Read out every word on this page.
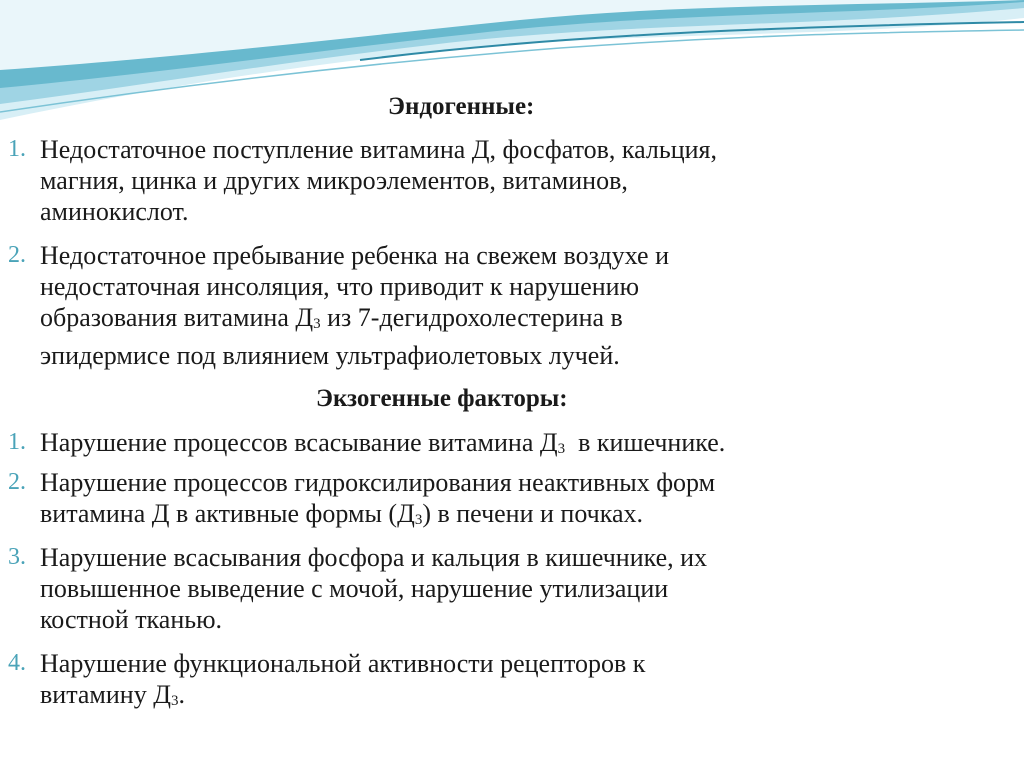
Эндогенные:
1. Недостаточное поступление витамина Д, фосфатов, кальция,
магния, цинка и других микроэлементов, витаминов,
аминокислот.

2. Недостаточное пребывание ребенка на свежем воздухе и
недостаточная инсоляция, что приводит к нарушению
образования витамина $Д_3$ из 7-дегидрохолестерина в
эпидермисе под влиянием ультрафиолетовых лучей.

Экзогенные факторы:
1. Нарушение процессов всасывание витамина $Д_3$  в кишечнике.

2. Нарушение процессов гидроксилирования неактивных форм
витамина Д в активные формы $(Д_3)$ в печени и почках.

3. Нарушение всасывания фосфора и кальция в кишечнике, их
повышенное выведение с мочой, нарушение утилизации
костной тканью.

4. Нарушение функциональной активности рецепторов к
витамину $Д_3$.
